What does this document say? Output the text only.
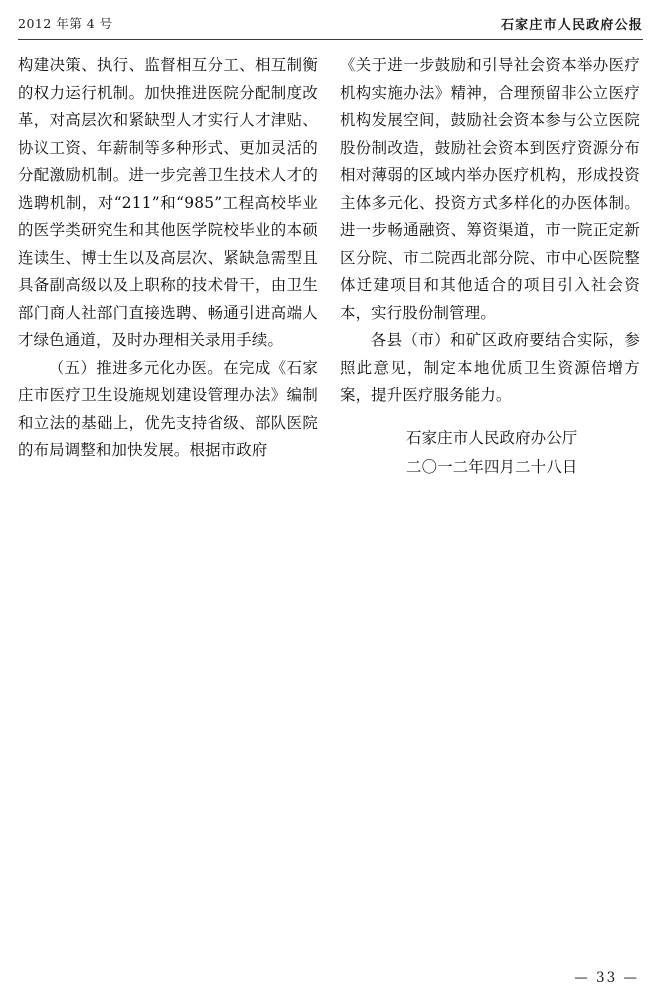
2012 年第 4 号	石家庄市人民政府公报

构建决策、执行、监督相互分工、相互制衡的权力运行机制。加快推进医院分配制度改革，对高层次和紧缺型人才实行人才津贴、协议工资、年薪制等多种形式、更加灵活的分配激励机制。进一步完善卫生技术人才的选聘机制，对“211”和“985”工程高校毕业的医学类研究生和其他医学院校毕业的本硕连读生、博士生以及高层次、紧缺急需型且具备副高级以及上职称的技术骨干，由卫生部门商人社部门直接选聘、畅通引进高端人才绿色通道，及时办理相关录用手续。

（五）推进多元化办医。在完成《石家庄市医疗卫生设施规划建设管理办法》编制和立法的基础上，优先支持省级、部队医院的布局调整和加快发展。根据市政府

《关于进一步鼓励和引导社会资本举办医疗机构实施办法》精神，合理预留非公立医疗机构发展空间，鼓励社会资本参与公立医院股份制改造，鼓励社会资本到医疗资源分布相对薄弱的区域内举办医疗机构，形成投资主体多元化、投资方式多样化的办医体制。进一步畅通融资、筹资渠道，市一院正定新区分院、市二院西北部分院、市中心医院整体迁建项目和其他适合的项目引入社会资本，实行股份制管理。

各县（市）和矿区政府要结合实际，参照此意见，制定本地优质卫生资源倍增方案，提升医疗服务能力。

石家庄市人民政府办公厅
二〇一二年四月二十八日
— 33 —
